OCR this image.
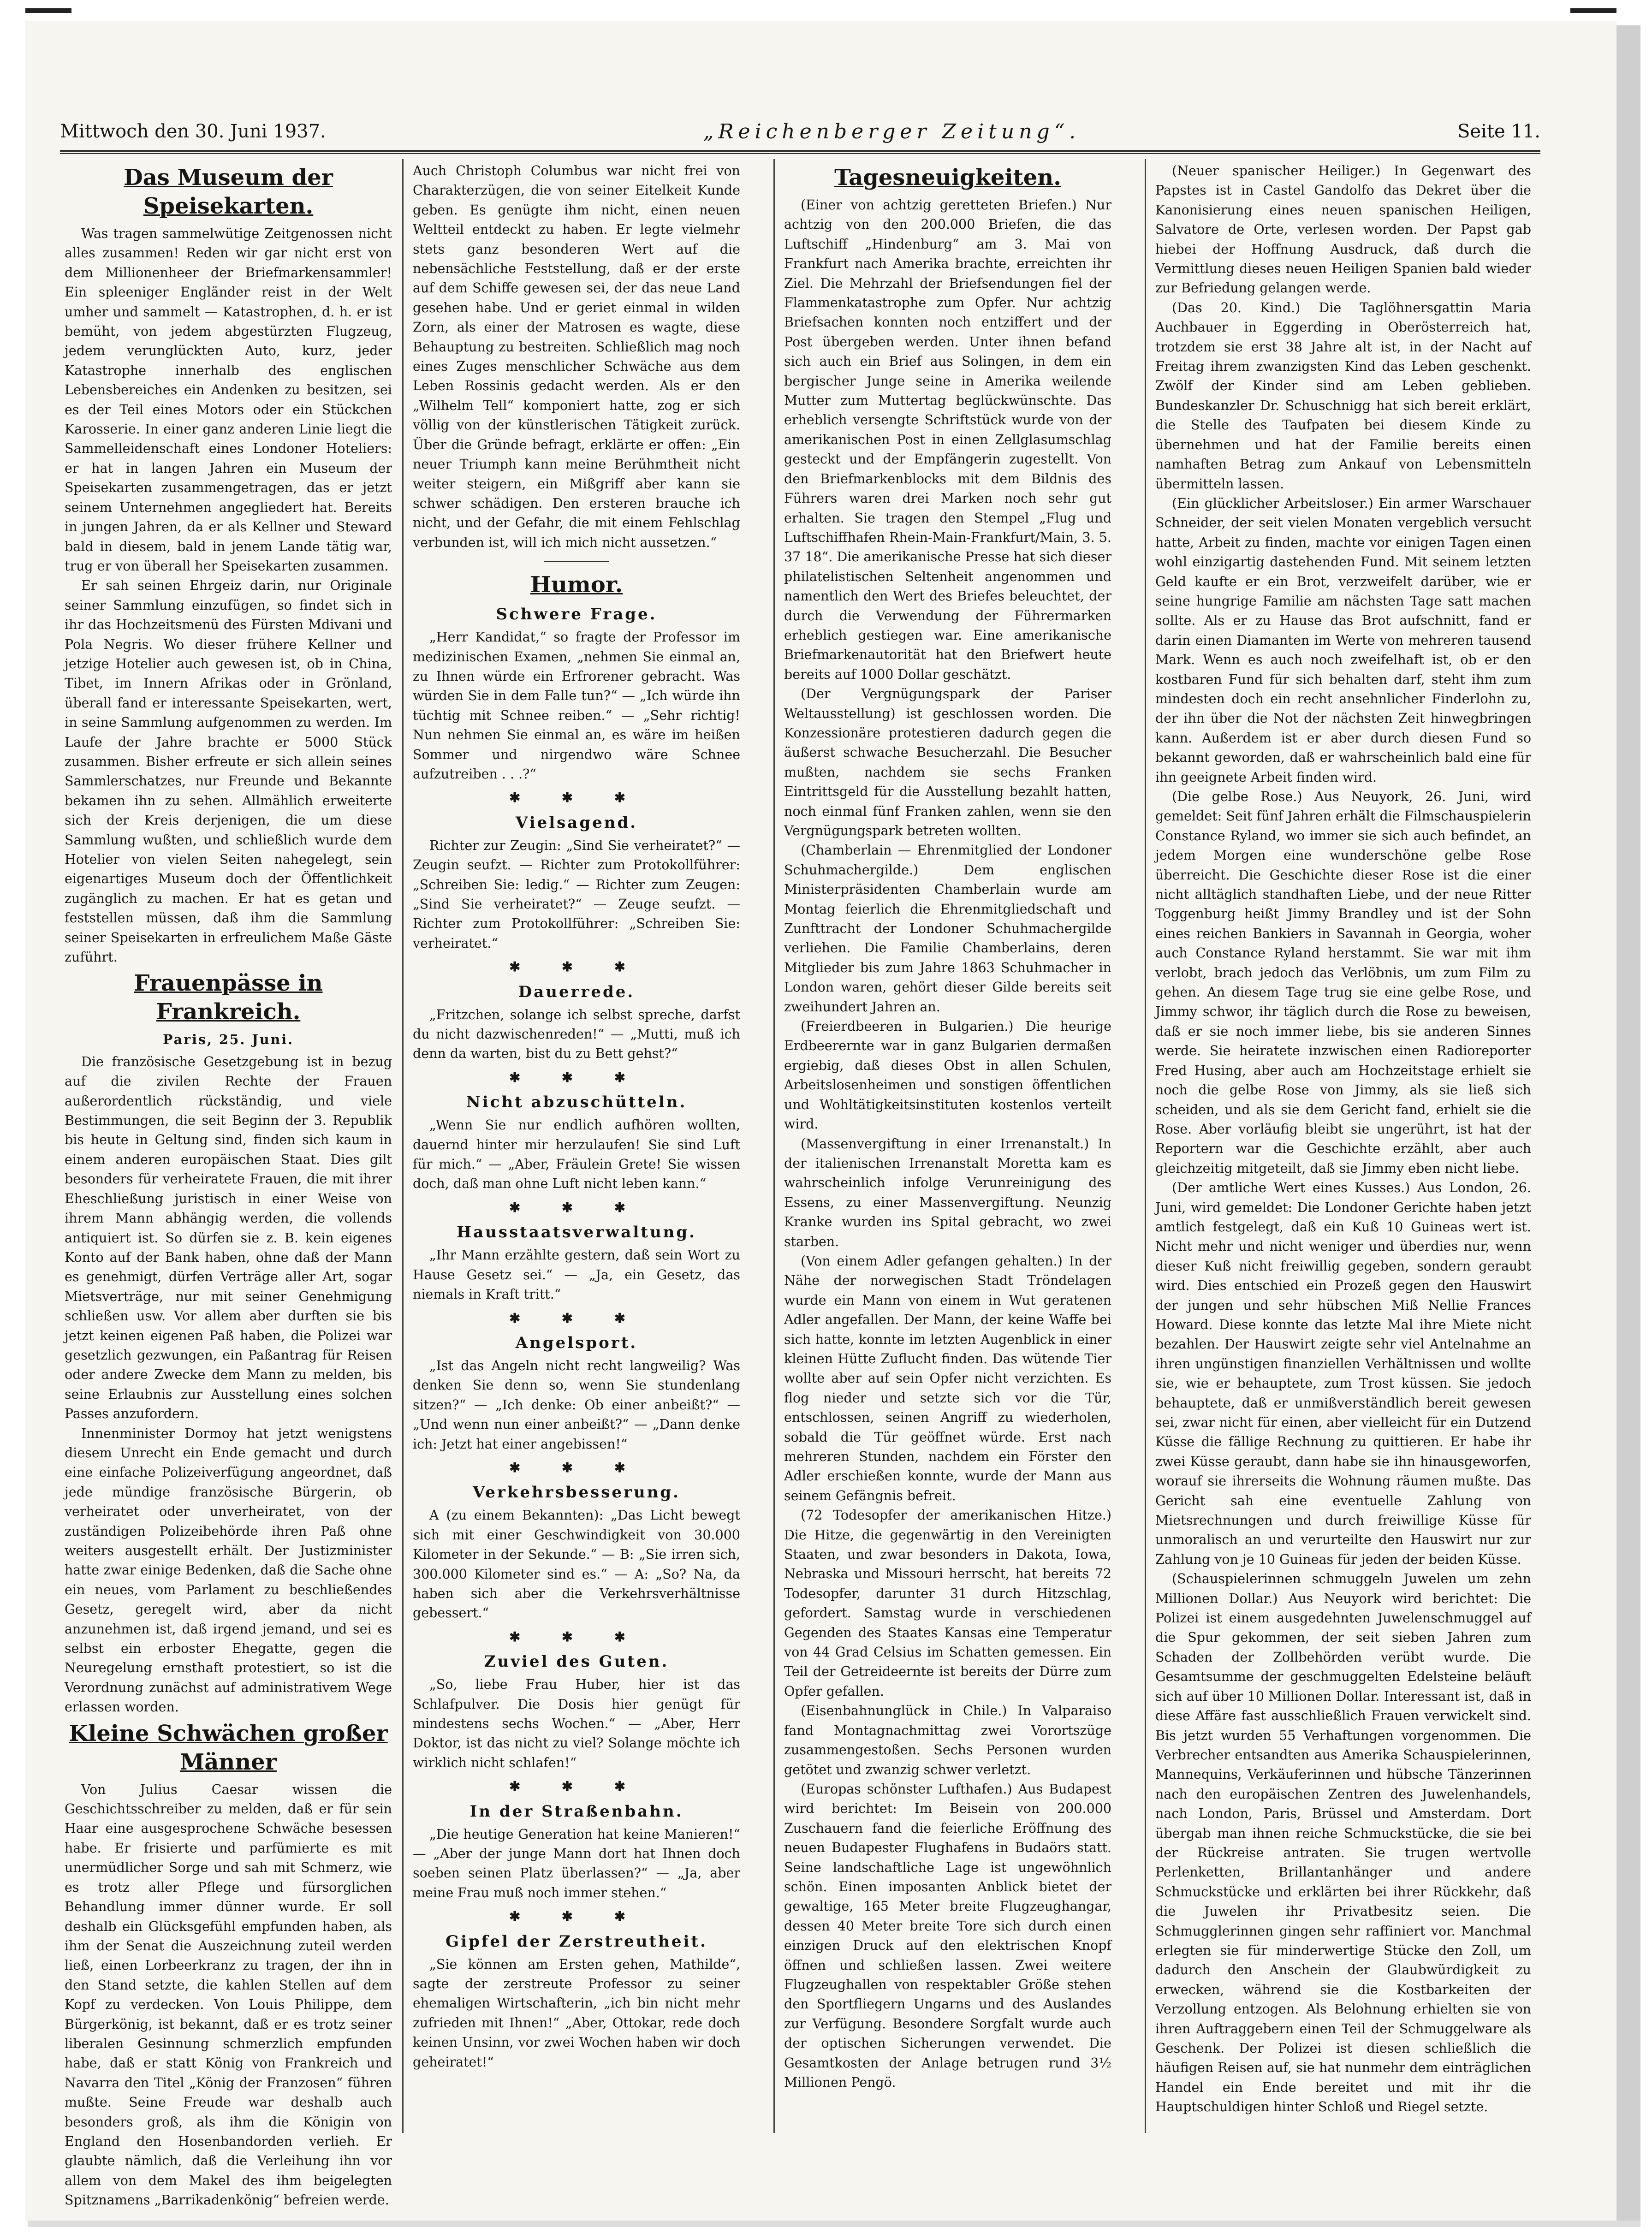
Mittwoch den 30. Juni 1937.	„Reichenberger Zeitung“.	Seite 11.
Das Museum der Speisekarten.

Was tragen sammelwütige Zeitgenossen nicht alles zusammen! Reden wir gar nicht erst von dem Millionenheer der Briefmarkensammler! Ein spleeniger Engländer reist in der Welt umher und sammelt — Katastrophen, d. h. er ist bemüht, von jedem abgestürzten Flugzeug, jedem verunglückten Auto, kurz, jeder Katastrophe innerhalb des englischen Lebensbereiches ein Andenken zu besitzen, sei es der Teil eines Motors oder ein Stückchen Karosserie. In einer ganz anderen Linie liegt die Sammelleidenschaft eines Londoner Hoteliers: er hat in langen Jahren ein Museum der Speisekarten zusammengetragen, das er jetzt seinem Unternehmen angegliedert hat. Bereits in jungen Jahren, da er als Kellner und Steward bald in diesem, bald in jenem Lande tätig war, trug er von überall her Speisekarten zusammen.

Er sah seinen Ehrgeiz darin, nur Originale seiner Sammlung einzufügen, so findet sich in ihr das Hochzeitsmenü des Fürsten Mdivani und Pola Negris. Wo dieser frühere Kellner und jetzige Hotelier auch gewesen ist, ob in China, Tibet, im Innern Afrikas oder in Grönland, überall fand er interessante Speisekarten, wert, in seine Sammlung aufgenommen zu werden. Im Laufe der Jahre brachte er 5000 Stück zusammen. Bisher erfreute er sich allein seines Sammlerschatzes, nur Freunde und Bekannte bekamen ihn zu sehen. Allmählich erweiterte sich der Kreis derjenigen, die um diese Sammlung wußten, und schließlich wurde dem Hotelier von vielen Seiten nahegelegt, sein eigenartiges Museum doch der Öffentlichkeit zugänglich zu machen. Er hat es getan und feststellen müssen, daß ihm die Sammlung seiner Speisekarten in erfreulichem Maße Gäste zuführt.

Frauenpässe in Frankreich.
Paris, 25. Juni.

Die französische Gesetzgebung ist in bezug auf die zivilen Rechte der Frauen außerordentlich rückständig, und viele Bestimmungen, die seit Beginn der 3. Republik bis heute in Geltung sind, finden sich kaum in einem anderen europäischen Staat. Dies gilt besonders für verheiratete Frauen, die mit ihrer Eheschließung juristisch in einer Weise von ihrem Mann abhängig werden, die vollends antiquiert ist. So dürfen sie z. B. kein eigenes Konto auf der Bank haben, ohne daß der Mann es genehmigt, dürfen Verträge aller Art, sogar Mietsverträge, nur mit seiner Genehmigung schließen usw. Vor allem aber durften sie bis jetzt keinen eigenen Paß haben, die Polizei war gesetzlich gezwungen, ein Paßantrag für Reisen oder andere Zwecke dem Mann zu melden, bis seine Erlaubnis zur Ausstellung eines solchen Passes anzufordern.

Innenminister Dormoy hat jetzt wenigstens diesem Unrecht ein Ende gemacht und durch eine einfache Polizeiverfügung angeordnet, daß jede mündige französische Bürgerin, ob verheiratet oder unverheiratet, von der zuständigen Polizeibehörde ihren Paß ohne weiters ausgestellt erhält. Der Justizminister hatte zwar einige Bedenken, daß die Sache ohne ein neues, vom Parlament zu beschließendes Gesetz, geregelt wird, aber da nicht anzunehmen ist, daß irgend jemand, und sei es selbst ein erboster Ehegatte, gegen die Neuregelung ernsthaft protestiert, so ist die Verordnung zunächst auf administrativem Wege erlassen worden.

Kleine Schwächen großer Männer

Von Julius Caesar wissen die Geschichtsschreiber zu melden, daß er für sein Haar eine ausgesprochene Schwäche besessen habe. Er frisierte und parfümierte es mit unermüdlicher Sorge und sah mit Schmerz, wie es trotz aller Pflege und fürsorglichen Behandlung immer dünner wurde. Er soll deshalb ein Glücksgefühl empfunden haben, als ihm der Senat die Auszeichnung zuteil werden ließ, einen Lorbeerkranz zu tragen, der ihn in den Stand setzte, die kahlen Stellen auf dem Kopf zu verdecken. Von Louis Philippe, dem Bürgerkönig, ist bekannt, daß er es trotz seiner liberalen Gesinnung schmerzlich empfunden habe, daß er statt König von Frankreich und Navarra den Titel „König der Franzosen“ führen mußte. Seine Freude war deshalb auch besonders groß, als ihm die Königin von England den Hosenbandorden verlieh. Er glaubte nämlich, daß die Verleihung ihn vor allem von dem Makel des ihm beigelegten Spitznamens „Barrikadenkönig“ befreien werde.

Auch Christoph Columbus war nicht frei von Charakterzügen, die von seiner Eitelkeit Kunde geben. Es genügte ihm nicht, einen neuen Weltteil entdeckt zu haben. Er legte vielmehr stets ganz besonderen Wert auf die nebensächliche Feststellung, daß er der erste auf dem Schiffe gewesen sei, der das neue Land gesehen habe. Und er geriet einmal in wilden Zorn, als einer der Matrosen es wagte, diese Behauptung zu bestreiten. Schließlich mag noch eines Zuges menschlicher Schwäche aus dem Leben Rossinis gedacht werden. Als er den „Wilhelm Tell“ komponiert hatte, zog er sich völlig von der künstlerischen Tätigkeit zurück. Über die Gründe befragt, erklärte er offen: „Ein neuer Triumph kann meine Berühmtheit nicht weiter steigern, ein Mißgriff aber kann sie schwer schädigen. Den ersteren brauche ich nicht, und der Gefahr, die mit einem Fehlschlag verbunden ist, will ich mich nicht aussetzen.“

Humor.
Schwere Frage.

„Herr Kandidat,“ so fragte der Professor im medizinischen Examen, „nehmen Sie einmal an, zu Ihnen würde ein Erfrorener gebracht. Was würden Sie in dem Falle tun?“ — „Ich würde ihn tüchtig mit Schnee reiben.“ — „Sehr richtig! Nun nehmen Sie einmal an, es wäre im heißen Sommer und nirgendwo wäre Schnee aufzutreiben . . .?“

✱ ✱ ✱
Vielsagend.

Richter zur Zeugin: „Sind Sie verheiratet?“ — Zeugin seufzt. — Richter zum Protokollführer: „Schreiben Sie: ledig.“ — Richter zum Zeugen: „Sind Sie verheiratet?“ — Zeuge seufzt. — Richter zum Protokollführer: „Schreiben Sie: verheiratet.“

✱ ✱ ✱
Dauerrede.

„Fritzchen, solange ich selbst spreche, darfst du nicht dazwischenreden!“ — „Mutti, muß ich denn da warten, bist du zu Bett gehst?“

✱ ✱ ✱
Nicht abzuschütteln.

„Wenn Sie nur endlich aufhören wollten, dauernd hinter mir herzulaufen! Sie sind Luft für mich.“ — „Aber, Fräulein Grete! Sie wissen doch, daß man ohne Luft nicht leben kann.“

✱ ✱ ✱
Hausstaatsverwaltung.

„Ihr Mann erzählte gestern, daß sein Wort zu Hause Gesetz sei.“ — „Ja, ein Gesetz, das niemals in Kraft tritt.“

✱ ✱ ✱
Angelsport.

„Ist das Angeln nicht recht langweilig? Was denken Sie denn so, wenn Sie stundenlang sitzen?“ — „Ich denke: Ob einer anbeißt?“ — „Und wenn nun einer anbeißt?“ — „Dann denke ich: Jetzt hat einer angebissen!“

✱ ✱ ✱
Verkehrsbesserung.

A (zu einem Bekannten): „Das Licht bewegt sich mit einer Geschwindigkeit von 30.000 Kilometer in der Sekunde.“ — B: „Sie irren sich, 300.000 Kilometer sind es.“ — A: „So? Na, da haben sich aber die Verkehrsverhältnisse gebessert.“

✱ ✱ ✱
Zuviel des Guten.

„So, liebe Frau Huber, hier ist das Schlafpulver. Die Dosis hier genügt für mindestens sechs Wochen.“ — „Aber, Herr Doktor, ist das nicht zu viel? Solange möchte ich wirklich nicht schlafen!“

✱ ✱ ✱
In der Straßenbahn.

„Die heutige Generation hat keine Manieren!“ — „Aber der junge Mann dort hat Ihnen doch soeben seinen Platz überlassen?“ — „Ja, aber meine Frau muß noch immer stehen.“

✱ ✱ ✱
Gipfel der Zerstreutheit.

„Sie können am Ersten gehen, Mathilde“, sagte der zerstreute Professor zu seiner ehemaligen Wirtschafterin, „ich bin nicht mehr zufrieden mit Ihnen!“ „Aber, Ottokar, rede doch keinen Unsinn, vor zwei Wochen haben wir doch geheiratet!“

Tagesneuigkeiten.

(Einer von achtzig geretteten Briefen.) Nur achtzig von den 200.000 Briefen, die das Luftschiff „Hindenburg“ am 3. Mai von Frankfurt nach Amerika brachte, erreichten ihr Ziel. Die Mehrzahl der Briefsendungen fiel der Flammenkatastrophe zum Opfer. Nur achtzig Briefsachen konnten noch entziffert und der Post übergeben werden. Unter ihnen befand sich auch ein Brief aus Solingen, in dem ein bergischer Junge seine in Amerika weilende Mutter zum Muttertag beglückwünschte. Das erheblich versengte Schriftstück wurde von der amerikanischen Post in einen Zellglasumschlag gesteckt und der Empfängerin zugestellt. Von den Briefmarkenblocks mit dem Bildnis des Führers waren drei Marken noch sehr gut erhalten. Sie tragen den Stempel „Flug und Luftschiffhafen Rhein-Main-Frankfurt/Main, 3. 5. 37 18“. Die amerikanische Presse hat sich dieser philatelistischen Seltenheit angenommen und namentlich den Wert des Briefes beleuchtet, der durch die Verwendung der Führermarken erheblich gestiegen war. Eine amerikanische Briefmarkenautorität hat den Briefwert heute bereits auf 1000 Dollar geschätzt.

(Der Vergnügungspark der Pariser Weltausstellung) ist geschlossen worden. Die Konzessionäre protestieren dadurch gegen die äußerst schwache Besucherzahl. Die Besucher mußten, nachdem sie sechs Franken Eintrittsgeld für die Ausstellung bezahlt hatten, noch einmal fünf Franken zahlen, wenn sie den Vergnügungspark betreten wollten.

(Chamberlain — Ehrenmitglied der Londoner Schuhmachergilde.) Dem englischen Ministerpräsidenten Chamberlain wurde am Montag feierlich die Ehrenmitgliedschaft und Zunfttracht der Londoner Schuhmachergilde verliehen. Die Familie Chamberlains, deren Mitglieder bis zum Jahre 1863 Schuhmacher in London waren, gehört dieser Gilde bereits seit zweihundert Jahren an.

(Freierdbeeren in Bulgarien.) Die heurige Erdbeerernte war in ganz Bulgarien dermaßen ergiebig, daß dieses Obst in allen Schulen, Arbeitslosenheimen und sonstigen öffentlichen und Wohltätigkeitsinstituten kostenlos verteilt wird.

(Massenvergiftung in einer Irrenanstalt.) In der italienischen Irrenanstalt Moretta kam es wahrscheinlich infolge Verunreinigung des Essens, zu einer Massenvergiftung. Neunzig Kranke wurden ins Spital gebracht, wo zwei starben.

(Von einem Adler gefangen gehalten.) In der Nähe der norwegischen Stadt Tröndelagen wurde ein Mann von einem in Wut geratenen Adler angefallen. Der Mann, der keine Waffe bei sich hatte, konnte im letzten Augenblick in einer kleinen Hütte Zuflucht finden. Das wütende Tier wollte aber auf sein Opfer nicht verzichten. Es flog nieder und setzte sich vor die Tür, entschlossen, seinen Angriff zu wiederholen, sobald die Tür geöffnet würde. Erst nach mehreren Stunden, nachdem ein Förster den Adler erschießen konnte, wurde der Mann aus seinem Gefängnis befreit.

(72 Todesopfer der amerikanischen Hitze.) Die Hitze, die gegenwärtig in den Vereinigten Staaten, und zwar besonders in Dakota, Iowa, Nebraska und Missouri herrscht, hat bereits 72 Todesopfer, darunter 31 durch Hitzschlag, gefordert. Samstag wurde in verschiedenen Gegenden des Staates Kansas eine Temperatur von 44 Grad Celsius im Schatten gemessen. Ein Teil der Getreideernte ist bereits der Dürre zum Opfer gefallen.

(Eisenbahnunglück in Chile.) In Valparaiso fand Montagnachmittag zwei Vorortszüge zusammengestoßen. Sechs Personen wurden getötet und zwanzig schwer verletzt.

(Europas schönster Lufthafen.) Aus Budapest wird berichtet: Im Beisein von 200.000 Zuschauern fand die feierliche Eröffnung des neuen Budapester Flughafens in Budaörs statt. Seine landschaftliche Lage ist ungewöhnlich schön. Einen imposanten Anblick bietet der gewaltige, 165 Meter breite Flugzeughangar, dessen 40 Meter breite Tore sich durch einen einzigen Druck auf den elektrischen Knopf öffnen und schließen lassen. Zwei weitere Flugzeughallen von respektabler Größe stehen den Sportfliegern Ungarns und des Auslandes zur Verfügung. Besondere Sorgfalt wurde auch der optischen Sicherungen verwendet. Die Gesamtkosten der Anlage betrugen rund 3½ Millionen Pengö.

(Neuer spanischer Heiliger.) In Gegenwart des Papstes ist in Castel Gandolfo das Dekret über die Kanonisierung eines neuen spanischen Heiligen, Salvatore de Orte, verlesen worden. Der Papst gab hiebei der Hoffnung Ausdruck, daß durch die Vermittlung dieses neuen Heiligen Spanien bald wieder zur Befriedung gelangen werde.

(Das 20. Kind.) Die Taglöhnersgattin Maria Auchbauer in Eggerding in Oberösterreich hat, trotzdem sie erst 38 Jahre alt ist, in der Nacht auf Freitag ihrem zwanzigsten Kind das Leben geschenkt. Zwölf der Kinder sind am Leben geblieben. Bundeskanzler Dr. Schuschnigg hat sich bereit erklärt, die Stelle des Taufpaten bei diesem Kinde zu übernehmen und hat der Familie bereits einen namhaften Betrag zum Ankauf von Lebensmitteln übermitteln lassen.

(Ein glücklicher Arbeitsloser.) Ein armer Warschauer Schneider, der seit vielen Monaten vergeblich versucht hatte, Arbeit zu finden, machte vor einigen Tagen einen wohl einzigartig dastehenden Fund. Mit seinem letzten Geld kaufte er ein Brot, verzweifelt darüber, wie er seine hungrige Familie am nächsten Tage satt machen sollte. Als er zu Hause das Brot aufschnitt, fand er darin einen Diamanten im Werte von mehreren tausend Mark. Wenn es auch noch zweifelhaft ist, ob er den kostbaren Fund für sich behalten darf, steht ihm zum mindesten doch ein recht ansehnlicher Finderlohn zu, der ihn über die Not der nächsten Zeit hinwegbringen kann. Außerdem ist er aber durch diesen Fund so bekannt geworden, daß er wahrscheinlich bald eine für ihn geeignete Arbeit finden wird.

(Die gelbe Rose.) Aus Neuyork, 26. Juni, wird gemeldet: Seit fünf Jahren erhält die Filmschauspielerin Constance Ryland, wo immer sie sich auch befindet, an jedem Morgen eine wunderschöne gelbe Rose überreicht. Die Geschichte dieser Rose ist die einer nicht alltäglich standhaften Liebe, und der neue Ritter Toggenburg heißt Jimmy Brandley und ist der Sohn eines reichen Bankiers in Savannah in Georgia, woher auch Constance Ryland herstammt. Sie war mit ihm verlobt, brach jedoch das Verlöbnis, um zum Film zu gehen. An diesem Tage trug sie eine gelbe Rose, und Jimmy schwor, ihr täglich durch die Rose zu beweisen, daß er sie noch immer liebe, bis sie anderen Sinnes werde. Sie heiratete inzwischen einen Radioreporter Fred Husing, aber auch am Hochzeitstage erhielt sie noch die gelbe Rose von Jimmy, als sie ließ sich scheiden, und als sie dem Gericht fand, erhielt sie die Rose. Aber vorläufig bleibt sie ungerührt, ist hat der Reportern war die Geschichte erzählt, aber auch gleichzeitig mitgeteilt, daß sie Jimmy eben nicht liebe.

(Der amtliche Wert eines Kusses.) Aus London, 26. Juni, wird gemeldet: Die Londoner Gerichte haben jetzt amtlich festgelegt, daß ein Kuß 10 Guineas wert ist. Nicht mehr und nicht weniger und überdies nur, wenn dieser Kuß nicht freiwillig gegeben, sondern geraubt wird. Dies entschied ein Prozeß gegen den Hauswirt der jungen und sehr hübschen Miß Nellie Frances Howard. Diese konnte das letzte Mal ihre Miete nicht bezahlen. Der Hauswirt zeigte sehr viel Antelnahme an ihren ungünstigen finanziellen Verhältnissen und wollte sie, wie er behauptete, zum Trost küssen. Sie jedoch behauptete, daß er unmißverständlich bereit gewesen sei, zwar nicht für einen, aber vielleicht für ein Dutzend Küsse die fällige Rechnung zu quittieren. Er habe ihr zwei Küsse geraubt, dann habe sie ihn hinausgeworfen, worauf sie ihrerseits die Wohnung räumen mußte. Das Gericht sah eine eventuelle Zahlung von Mietsrechnungen und durch freiwillige Küsse für unmoralisch an und verurteilte den Hauswirt nur zur Zahlung von je 10 Guineas für jeden der beiden Küsse.

(Schauspielerinnen schmuggeln Juwelen um zehn Millionen Dollar.) Aus Neuyork wird berichtet: Die Polizei ist einem ausgedehnten Juwelenschmuggel auf die Spur gekommen, der seit sieben Jahren zum Schaden der Zollbehörden verübt wurde. Die Gesamtsumme der geschmuggelten Edelsteine beläuft sich auf über 10 Millionen Dollar. Interessant ist, daß in diese Affäre fast ausschließlich Frauen verwickelt sind. Bis jetzt wurden 55 Verhaftungen vorgenommen. Die Verbrecher entsandten aus Amerika Schauspielerinnen, Mannequins, Verkäuferinnen und hübsche Tänzerinnen nach den europäischen Zentren des Juwelenhandels, nach London, Paris, Brüssel und Amsterdam. Dort übergab man ihnen reiche Schmuckstücke, die sie bei der Rückreise antraten. Sie trugen wertvolle Perlenketten, Brillantanhänger und andere Schmuckstücke und erklärten bei ihrer Rückkehr, daß die Juwelen ihr Privatbesitz seien. Die Schmugglerinnen gingen sehr raffiniert vor. Manchmal erlegten sie für minderwertige Stücke den Zoll, um dadurch den Anschein der Glaubwürdigkeit zu erwecken, während sie die Kostbarkeiten der Verzollung entzogen. Als Belohnung erhielten sie von ihren Auftraggebern einen Teil der Schmuggelware als Geschenk. Der Polizei ist diesen schließlich die häufigen Reisen auf, sie hat nunmehr dem einträglichen Handel ein Ende bereitet und mit ihr die Hauptschuldigen hinter Schloß und Riegel setzte.
